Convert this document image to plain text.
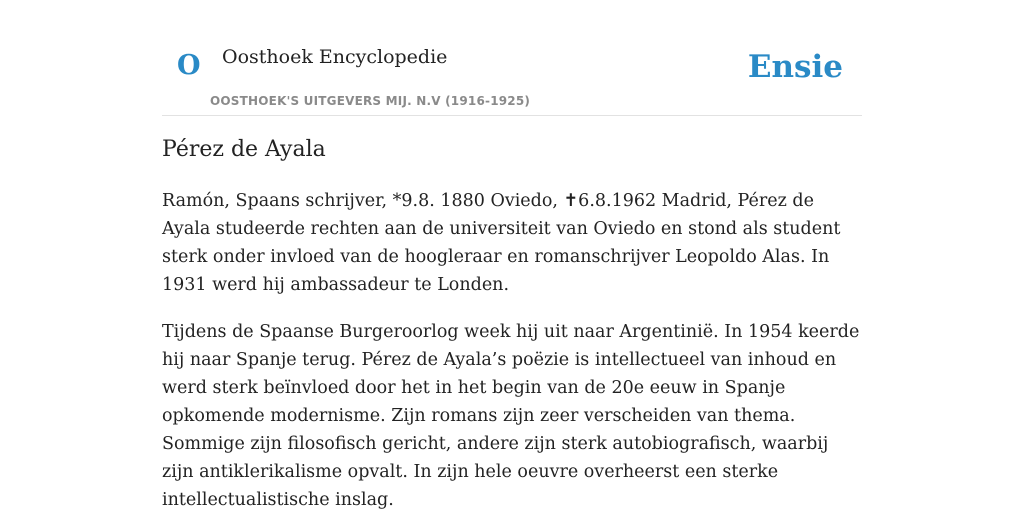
O Oosthoek Encyclopedie
OOSTHOEK'S UITGEVERS MIJ. N.V (1916-1925)
Ensie
Pérez de Ayala

Ramón, Spaans schrijver, *9.8. 1880 Oviedo, ✝6.8.1962 Madrid, Pérez de Ayala studeerde rechten aan de universiteit van Oviedo en stond als student sterk onder invloed van de hoogleraar en romanschrijver Leopoldo Alas. In 1931 werd hij ambassadeur te Londen.

Tijdens de Spaanse Burgeroorlog week hij uit naar Argentinië. In 1954 keerde hij naar Spanje terug. Pérez de Ayala’s poëzie is intellectueel van inhoud en werd sterk beïnvloed door het in het begin van de 20e eeuw in Spanje opkomende modernisme. Zijn romans zijn zeer verscheiden van thema. Sommige zijn filosofisch gericht, andere zijn sterk autobiografisch, waarbij zijn antiklerikalisme opvalt. In zijn hele oeuvre overheerst een sterke intellectualistische inslag.
